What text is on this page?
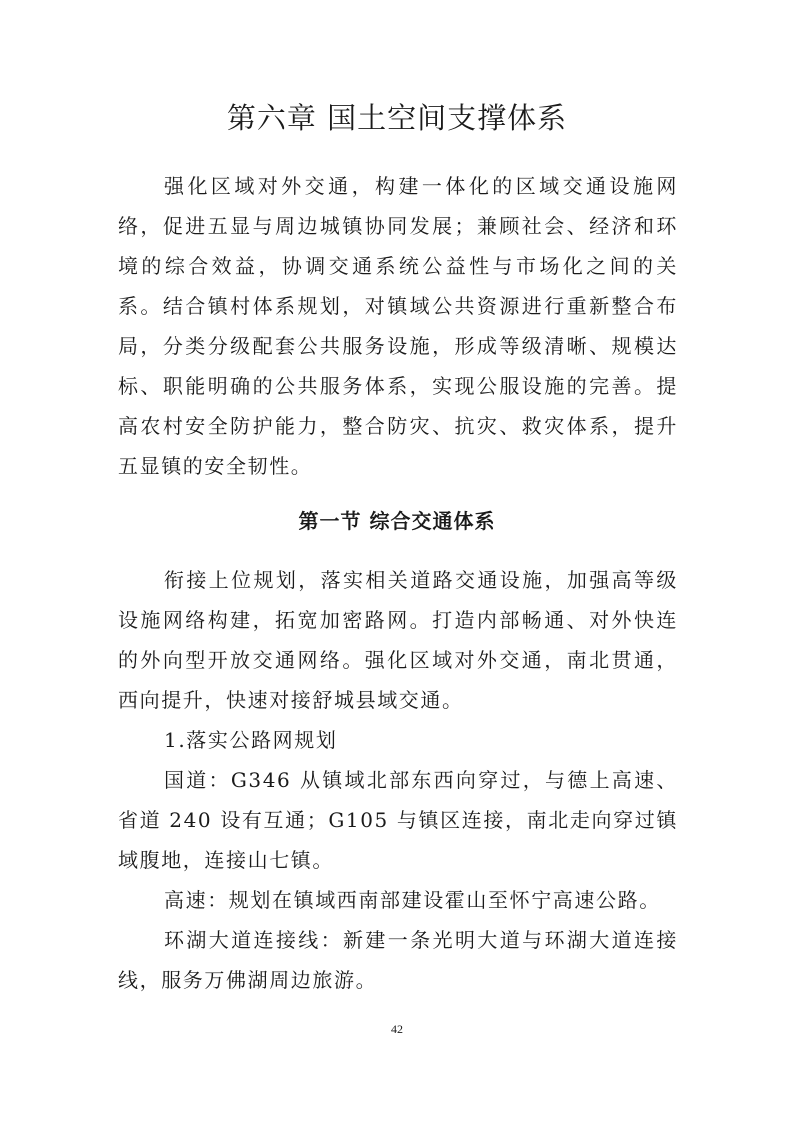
第六章 国土空间支撑体系

强化区域对外交通，构建一体化的区域交通设施网络，促进五显与周边城镇协同发展；兼顾社会、经济和环境的综合效益，协调交通系统公益性与市场化之间的关系。结合镇村体系规划，对镇域公共资源进行重新整合布局，分类分级配套公共服务设施，形成等级清晰、规模达标、职能明确的公共服务体系，实现公服设施的完善。提高农村安全防护能力，整合防灾、抗灾、救灾体系，提升五显镇的安全韧性。

第一节 综合交通体系

衔接上位规划，落实相关道路交通设施，加强高等级设施网络构建，拓宽加密路网。打造内部畅通、对外快连的外向型开放交通网络。强化区域对外交通，南北贯通，西向提升，快速对接舒城县域交通。

1.落实公路网规划

国道：G346 从镇域北部东西向穿过，与德上高速、省道 240 设有互通；G105 与镇区连接，南北走向穿过镇域腹地，连接山七镇。

高速：规划在镇域西南部建设霍山至怀宁高速公路。

环湖大道连接线：新建一条光明大道与环湖大道连接线，服务万佛湖周边旅游。

42
